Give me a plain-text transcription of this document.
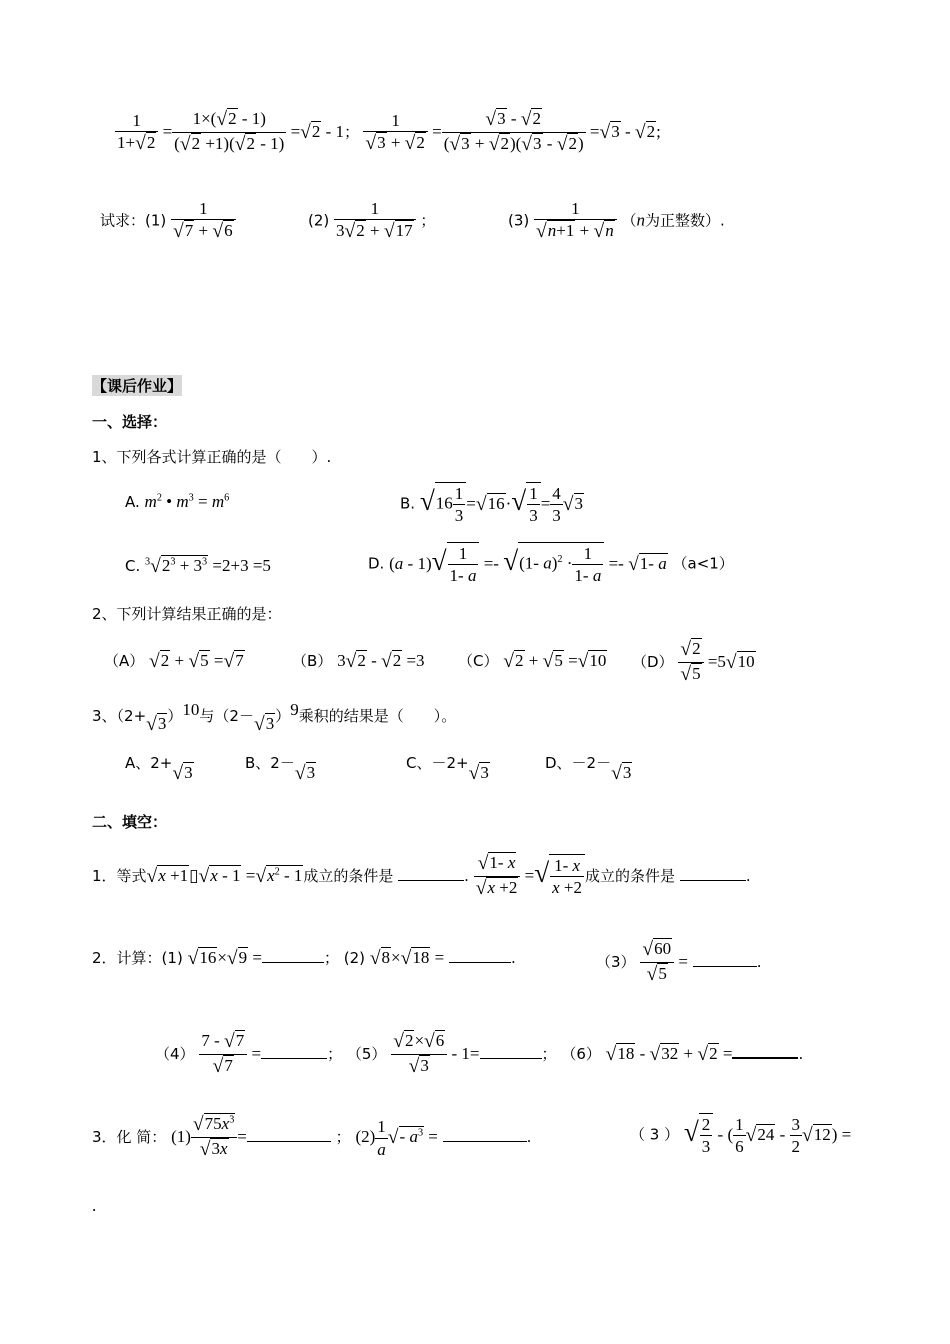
$\frac{1}{1+√2} = \frac{1\times(√2 - 1)}{(√2 +1)(√2 - 1)} =√2 - 1$； $\frac{1}{√3 + √2} = \frac{√3 - √2}{(√3 + √2)(√3 - √2)} =√3 - √2$;
试求：$(1) \frac{1}{√7 + √6}$	$(2) \frac{1}{3√2 + √17}$ ；	$(3) \frac{1}{√n+1 + √n} (n$为正整数）.
【课后作业】
一、选择：
1、下列各式计算正确的是（　　）.
A. $m^2$ • $m^3 = m^6$	B. $√16 \frac{1}{3} =√16\cdot√ \frac{1}{3} = \frac{4}{3} √3$
C. $^3√2^3 + 3^3 =2+3 =5$	D. $(a - 1)√ \frac{1}{1- a} =- √(1-$ $a)^2 \cdot \frac{1}{1- a} =- √1-$ a （a<1）
2、下列计算结果正确的是：
（A） √2 + √5 =√7	（B） 3√2 - √2 =3 （C） √2 + √5 =√10 $(D) \frac{√2}{√5} =5√10$
3、$(2+√3)^{10}$与$(2-√3)^9$乘积的结果是（　　）。
A、2+√3	B、2－√3	C、－2+√3	D、－2－√3
二、填空：
1．等式√x +1▯√x - $1 =√x^2 - 1$成立的条件是	. $\frac{√1- x}{√x +2}$ =√ $\frac{1- x}{x +2}$ 成立的条件是	.
2．计算：(1) √16×√9 =	； (2) √8×√18 =	.	$(3) \frac{√60}{√5}$ =	.
$(4) \frac{7 - √7}{√7}$ =	； $(5) \frac{√2\times√6}{√3} - 1=$	； （6） √18 - √32 + √2 =	.
3．化 简： $(1) \frac{√75x^3}{√3x}$ =	； $(2) \frac{1}{a}$ √- $a^3$ =	.	（ 3 ） √ $\frac{2}{3}$ - ( $\frac{1}{6} √24 - \frac{3}{2} √12$) =
.
